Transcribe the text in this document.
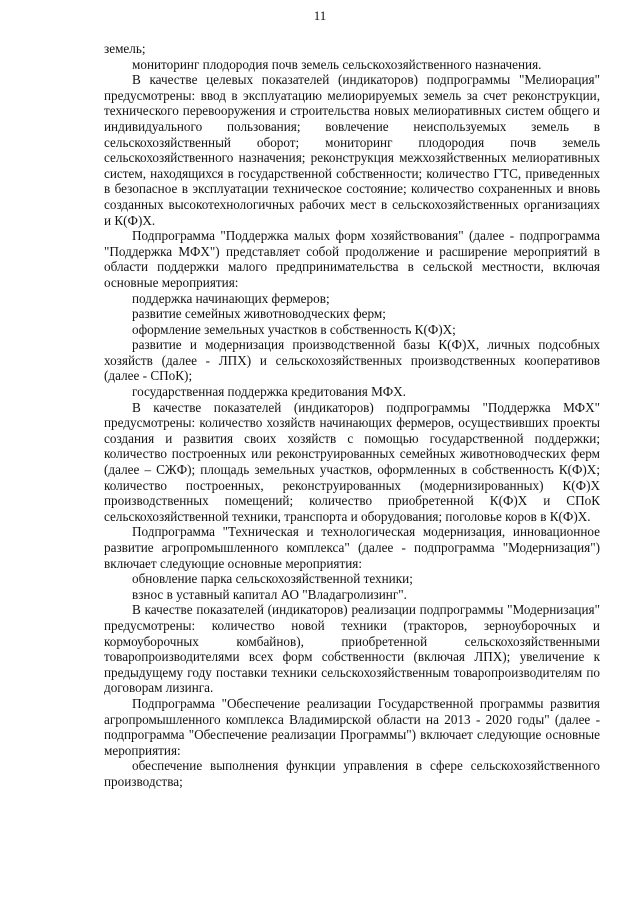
11

земель;

мониторинг плодородия почв земель сельскохозяйственного назначения.

В качестве целевых показателей (индикаторов) подпрограммы "Мелиорация" предусмотрены: ввод в эксплуатацию мелиорируемых земель за счет реконструкции, технического перевооружения и строительства новых мелиоративных систем общего и индивидуального пользования; вовлечение неиспользуемых земель в сельскохозяйственный оборот; мониторинг плодородия почв земель сельскохозяйственного назначения; реконструкция межхозяйственных мелиоративных систем, находящихся в государственной собственности; количество ГТС, приведенных в безопасное в эксплуатации техническое состояние; количество сохраненных и вновь созданных высокотехнологичных рабочих мест в сельскохозяйственных организациях и К(Ф)Х.

Подпрограмма "Поддержка малых форм хозяйствования" (далее - подпрограмма "Поддержка МФХ") представляет собой продолжение и расширение мероприятий в области поддержки малого предпринимательства в сельской местности, включая основные мероприятия:

поддержка начинающих фермеров;

развитие семейных животноводческих ферм;

оформление земельных участков в собственность К(Ф)Х;

развитие и модернизация производственной базы К(Ф)Х, личных подсобных хозяйств (далее - ЛПХ) и сельскохозяйственных производственных кооперативов (далее - СПоК);

государственная поддержка кредитования МФХ.

В качестве показателей (индикаторов) подпрограммы "Поддержка МФХ" предусмотрены: количество хозяйств начинающих фермеров, осуществивших проекты создания и развития своих хозяйств с помощью государственной поддержки; количество построенных или реконструированных семейных животноводческих ферм (далее – СЖФ); площадь земельных участков, оформленных в собственность К(Ф)Х; количество построенных, реконструированных (модернизированных) К(Ф)Х производственных помещений; количество приобретенной К(Ф)Х и СПоК сельскохозяйственной техники, транспорта и оборудования; поголовье коров в К(Ф)Х.

Подпрограмма "Техническая и технологическая модернизация, инновационное развитие агропромышленного комплекса" (далее - подпрограмма "Модернизация") включает следующие основные мероприятия:

обновление парка сельскохозяйственной техники;

взнос в уставный капитал АО "Владагролизинг".

В качестве показателей (индикаторов) реализации подпрограммы "Модернизация" предусмотрены: количество новой техники (тракторов, зерноуборочных и кормоуборочных комбайнов), приобретенной сельскохозяйственными товаропроизводителями всех форм собственности (включая ЛПХ); увеличение к предыдущему году поставки техники сельскохозяйственным товаропроизводителям по договорам лизинга.

Подпрограмма "Обеспечение реализации Государственной программы развития агропромышленного комплекса Владимирской области на 2013 - 2020 годы" (далее - подпрограмма "Обеспечение реализации Программы") включает следующие основные мероприятия:

обеспечение выполнения функции управления в сфере сельскохозяйственного производства;
